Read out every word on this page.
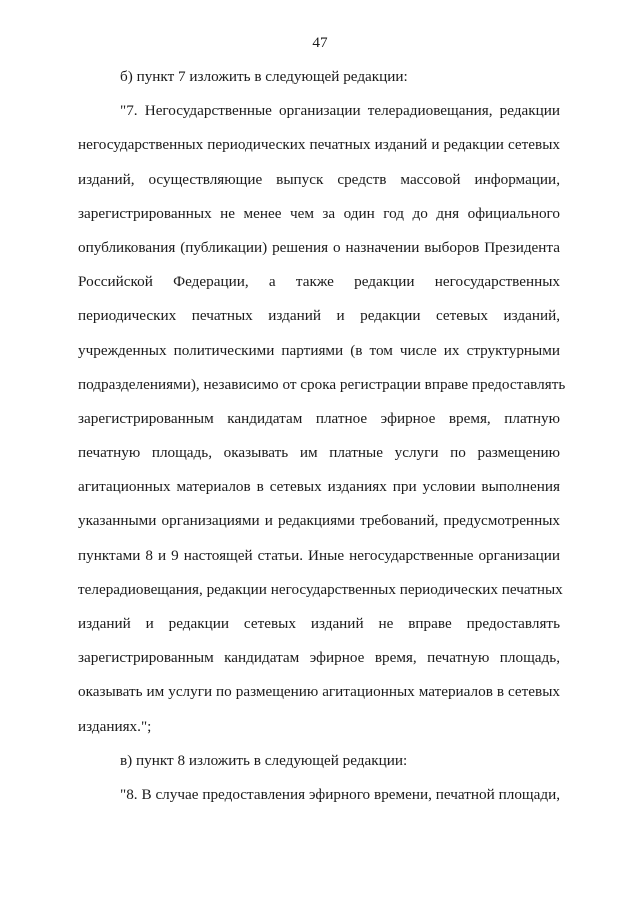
47
б) пункт 7 изложить в следующей редакции:
"7. Негосударственные организации телерадиовещания, редакции
негосударственных периодических печатных изданий и редакции сетевых
изданий, осуществляющие выпуск средств массовой информации,
зарегистрированных не менее чем за один год до дня официального
опубликования (публикации) решения о назначении выборов Президента
Российской Федерации, а также редакции негосударственных
периодических печатных изданий и редакции сетевых изданий,
учрежденных политическими партиями (в том числе их структурными
подразделениями), независимо от срока регистрации вправе предоставлять
зарегистрированным кандидатам платное эфирное время, платную
печатную площадь, оказывать им платные услуги по размещению
агитационных материалов в сетевых изданиях при условии выполнения
указанными организациями и редакциями требований, предусмотренных
пунктами 8 и 9 настоящей статьи. Иные негосударственные организации
телерадиовещания, редакции негосударственных периодических печатных
изданий и редакции сетевых изданий не вправе предоставлять
зарегистрированным кандидатам эфирное время, печатную площадь,
оказывать им услуги по размещению агитационных материалов в сетевых
изданиях.";
в) пункт 8 изложить в следующей редакции:
"8. В случае предоставления эфирного времени, печатной площади,
